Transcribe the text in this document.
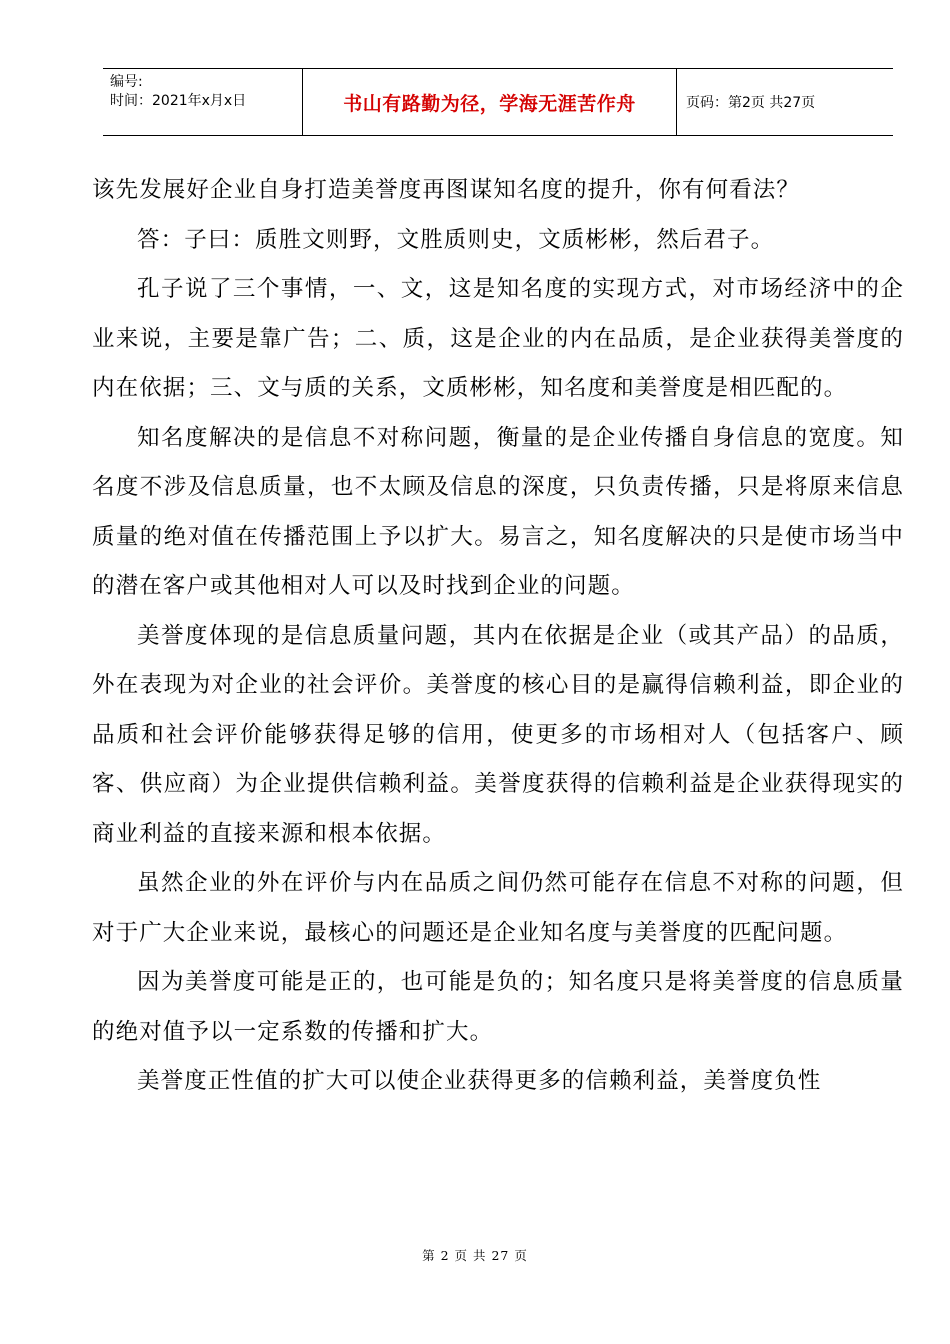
编号:
时间：2021年x月x日	书山有路勤为径，学海无涯苦作舟	页码：第2页 共27页

该先发展好企业自身打造美誉度再图谋知名度的提升，你有何看法？

答：子曰：质胜文则野，文胜质则史，文质彬彬，然后君子。

孔子说了三个事情，一、文，这是知名度的实现方式，对市场经济中的企业来说，主要是靠广告；二、质，这是企业的内在品质，是企业获得美誉度的内在依据；三、文与质的关系，文质彬彬，知名度和美誉度是相匹配的。

知名度解决的是信息不对称问题，衡量的是企业传播自身信息的宽度。知名度不涉及信息质量，也不太顾及信息的深度，只负责传播，只是将原来信息质量的绝对值在传播范围上予以扩大。易言之，知名度解决的只是使市场当中的潜在客户或其他相对人可以及时找到企业的问题。

美誉度体现的是信息质量问题，其内在依据是企业（或其产品）的品质，外在表现为对企业的社会评价。美誉度的核心目的是赢得信赖利益，即企业的品质和社会评价能够获得足够的信用，使更多的市场相对人（包括客户、顾客、供应商）为企业提供信赖利益。美誉度获得的信赖利益是企业获得现实的商业利益的直接来源和根本依据。

虽然企业的外在评价与内在品质之间仍然可能存在信息不对称的问题，但对于广大企业来说，最核心的问题还是企业知名度与美誉度的匹配问题。

因为美誉度可能是正的，也可能是负的；知名度只是将美誉度的信息质量的绝对值予以一定系数的传播和扩大。

美誉度正性值的扩大可以使企业获得更多的信赖利益，美誉度负性

第 2 页 共 27 页
